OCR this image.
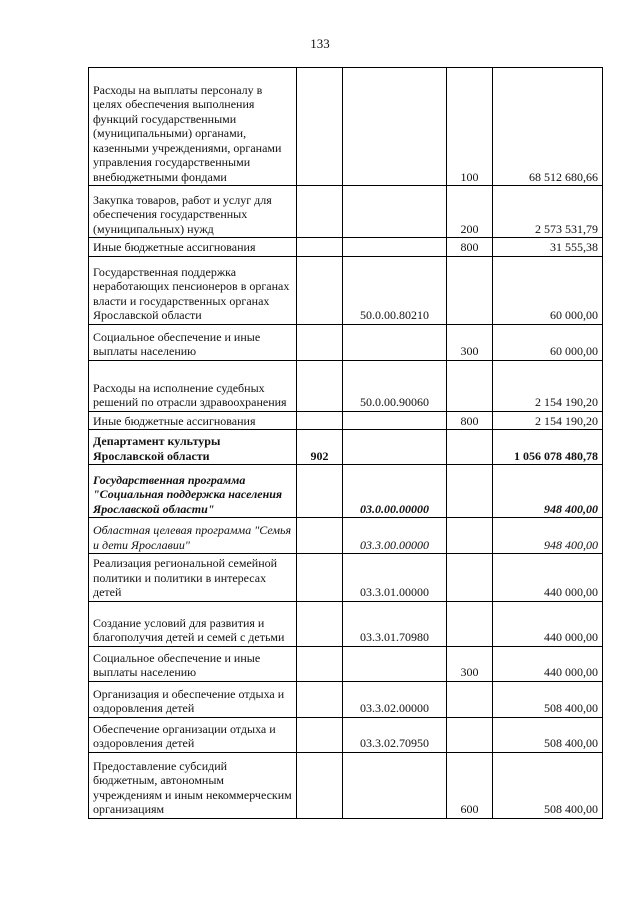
133
Расходы на выплаты персоналу в целях обеспечения выполнения функций государственными (муниципальными) органами, казенными учреждениями, органами управления государственными внебюджетными фондами			100	68 512 680,66
Закупка товаров, работ и услуг для обеспечения государственных (муниципальных) нужд			200	2 573 531,79
Иные бюджетные ассигнования			800	31 555,38
Государственная поддержка неработающих пенсионеров в органах власти и государственных органах Ярославской области		50.0.00.80210		60 000,00
Социальное обеспечение и иные выплаты населению			300	60 000,00
Расходы на исполнение судебных решений по отрасли здравоохранения		50.0.00.90060		2 154 190,20
Иные бюджетные ассигнования			800	2 154 190,20
Департамент культуры Ярославской области	902			1 056 078 480,78
Государственная программа "Социальная поддержка населения Ярославской области"		03.0.00.00000		948 400,00
Областная целевая программа "Семья и дети Ярославии"		03.3.00.00000		948 400,00
Реализация региональной семейной политики и политики в интересах детей		03.3.01.00000		440 000,00
Создание условий для развития и благополучия детей и семей с детьми		03.3.01.70980		440 000,00
Социальное обеспечение и иные выплаты населению			300	440 000,00
Организация и обеспечение отдыха и оздоровления детей		03.3.02.00000		508 400,00
Обеспечение организации отдыха и оздоровления детей		03.3.02.70950		508 400,00
Предоставление субсидий бюджетным, автономным учреждениям и иным некоммерческим организациям			600	508 400,00
